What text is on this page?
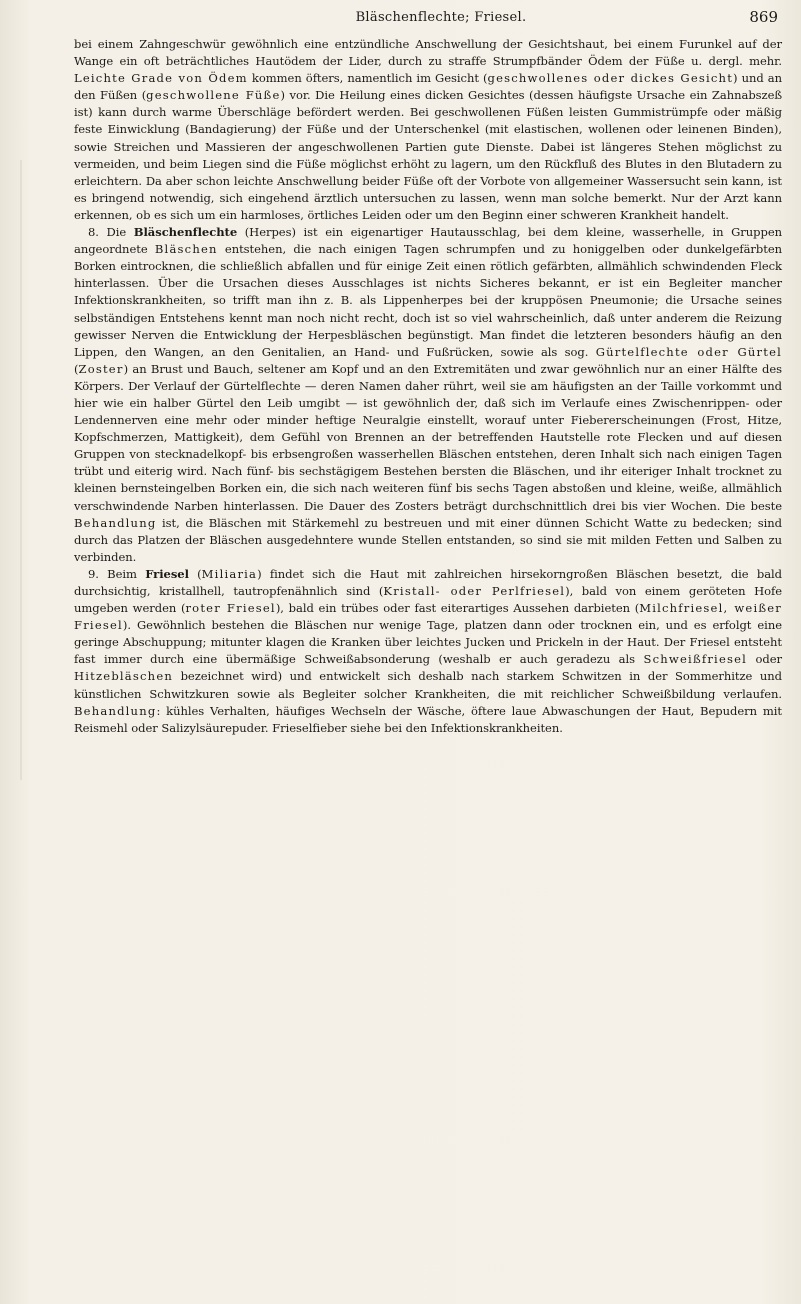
Bläschenflechte; Friesel.	869

bei einem Zahngeschwür gewöhnlich eine entzündliche Anschwellung der Gesichtshaut, bei einem Furunkel auf der Wange ein oft beträchtliches Hautödem der Lider, durch zu straffe Strumpfbänder Ödem der Füße u. dergl. mehr. Leichte Grade von Ödem kommen öfters, namentlich im Gesicht (geschwollenes oder dickes Gesicht) und an den Füßen (geschwollene Füße) vor. Die Heilung eines dicken Gesichtes (dessen häufigste Ursache ein Zahnabszeß ist) kann durch warme Überschläge befördert werden. Bei geschwollenen Füßen leisten Gummistrümpfe oder mäßig feste Einwicklung (Bandagierung) der Füße und der Unterschenkel (mit elastischen, wollenen oder leinenen Binden), sowie Streichen und Massieren der angeschwollenen Partien gute Dienste. Dabei ist längeres Stehen möglichst zu vermeiden, und beim Liegen sind die Füße möglichst erhöht zu lagern, um den Rückfluß des Blutes in den Blutadern zu erleichtern. Da aber schon leichte Anschwellung beider Füße oft der Vorbote von allgemeiner Wassersucht sein kann, ist es bringend notwendig, sich eingehend ärztlich untersuchen zu lassen, wenn man solche bemerkt. Nur der Arzt kann erkennen, ob es sich um ein harmloses, örtliches Leiden oder um den Beginn einer schweren Krankheit handelt.

8. Die Bläschenflechte (Herpes) ist ein eigenartiger Hautausschlag, bei dem kleine, wasserhelle, in Gruppen angeordnete Bläschen entstehen, die nach einigen Tagen schrumpfen und zu honiggelben oder dunkelgefärbten Borken eintrocknen, die schließlich abfallen und für einige Zeit einen rötlich gefärbten, allmählich schwindenden Fleck hinterlassen. Über die Ursachen dieses Ausschlages ist nichts Sicheres bekannt, er ist ein Begleiter mancher Infektionskrankheiten, so trifft man ihn z. B. als Lippenherpes bei der kruppösen Pneumonie; die Ursache seines selbständigen Entstehens kennt man noch nicht recht, doch ist so viel wahrscheinlich, daß unter anderem die Reizung gewisser Nerven die Entwicklung der Herpesbläschen begünstigt. Man findet die letzteren besonders häufig an den Lippen, den Wangen, an den Genitalien, an Hand- und Fußrücken, sowie als sog. Gürtelflechte oder Gürtel (Zoster) an Brust und Bauch, seltener am Kopf und an den Extremitäten und zwar gewöhnlich nur an einer Hälfte des Körpers. Der Verlauf der Gürtelflechte — deren Namen daher rührt, weil sie am häufigsten an der Taille vorkommt und hier wie ein halber Gürtel den Leib umgibt — ist gewöhnlich der, daß sich im Verlaufe eines Zwischenrippen- oder Lendennerven eine mehr oder minder heftige Neuralgie einstellt, worauf unter Fiebererscheinungen (Frost, Hitze, Kopfschmerzen, Mattigkeit), dem Gefühl von Brennen an der betreffenden Hautstelle rote Flecken und auf diesen Gruppen von stecknadelkopf- bis erbsengroßen wasserhellen Bläschen entstehen, deren Inhalt sich nach einigen Tagen trübt und eiterig wird. Nach fünf- bis sechstägigem Bestehen bersten die Bläschen, und ihr eiteriger Inhalt trocknet zu kleinen bernsteingelben Borken ein, die sich nach weiteren fünf bis sechs Tagen abstoßen und kleine, weiße, allmählich verschwindende Narben hinterlassen. Die Dauer des Zosters beträgt durchschnittlich drei bis vier Wochen. Die beste Behandlung ist, die Bläschen mit Stärkemehl zu bestreuen und mit einer dünnen Schicht Watte zu bedecken; sind durch das Platzen der Bläschen ausgedehntere wunde Stellen entstanden, so sind sie mit milden Fetten und Salben zu verbinden.

9. Beim Friesel (Miliaria) findet sich die Haut mit zahlreichen hirsekorngroßen Bläschen besetzt, die bald durchsichtig, kristallhell, tautropfenähnlich sind (Kristall- oder Perlfriesel), bald von einem geröteten Hofe umgeben werden (roter Friesel), bald ein trübes oder fast eiterartiges Aussehen darbieten (Milchfriesel, weißer Friesel). Gewöhnlich bestehen die Bläschen nur wenige Tage, platzen dann oder trocknen ein, und es erfolgt eine geringe Abschuppung; mitunter klagen die Kranken über leichtes Jucken und Prickeln in der Haut. Der Friesel entsteht fast immer durch eine übermäßige Schweißabsonderung (weshalb er auch geradezu als Schweißfriesel oder Hitzebläschen bezeichnet wird) und entwickelt sich deshalb nach starkem Schwitzen in der Sommerhitze und künstlichen Schwitzkuren sowie als Begleiter solcher Krankheiten, die mit reichlicher Schweißbildung verlaufen. Behandlung: kühles Verhalten, häufiges Wechseln der Wäsche, öftere laue Abwaschungen der Haut, Bepudern mit Reismehl oder Salizylsäurepuder. Frieselfieber siehe bei den Infektionskrankheiten.
